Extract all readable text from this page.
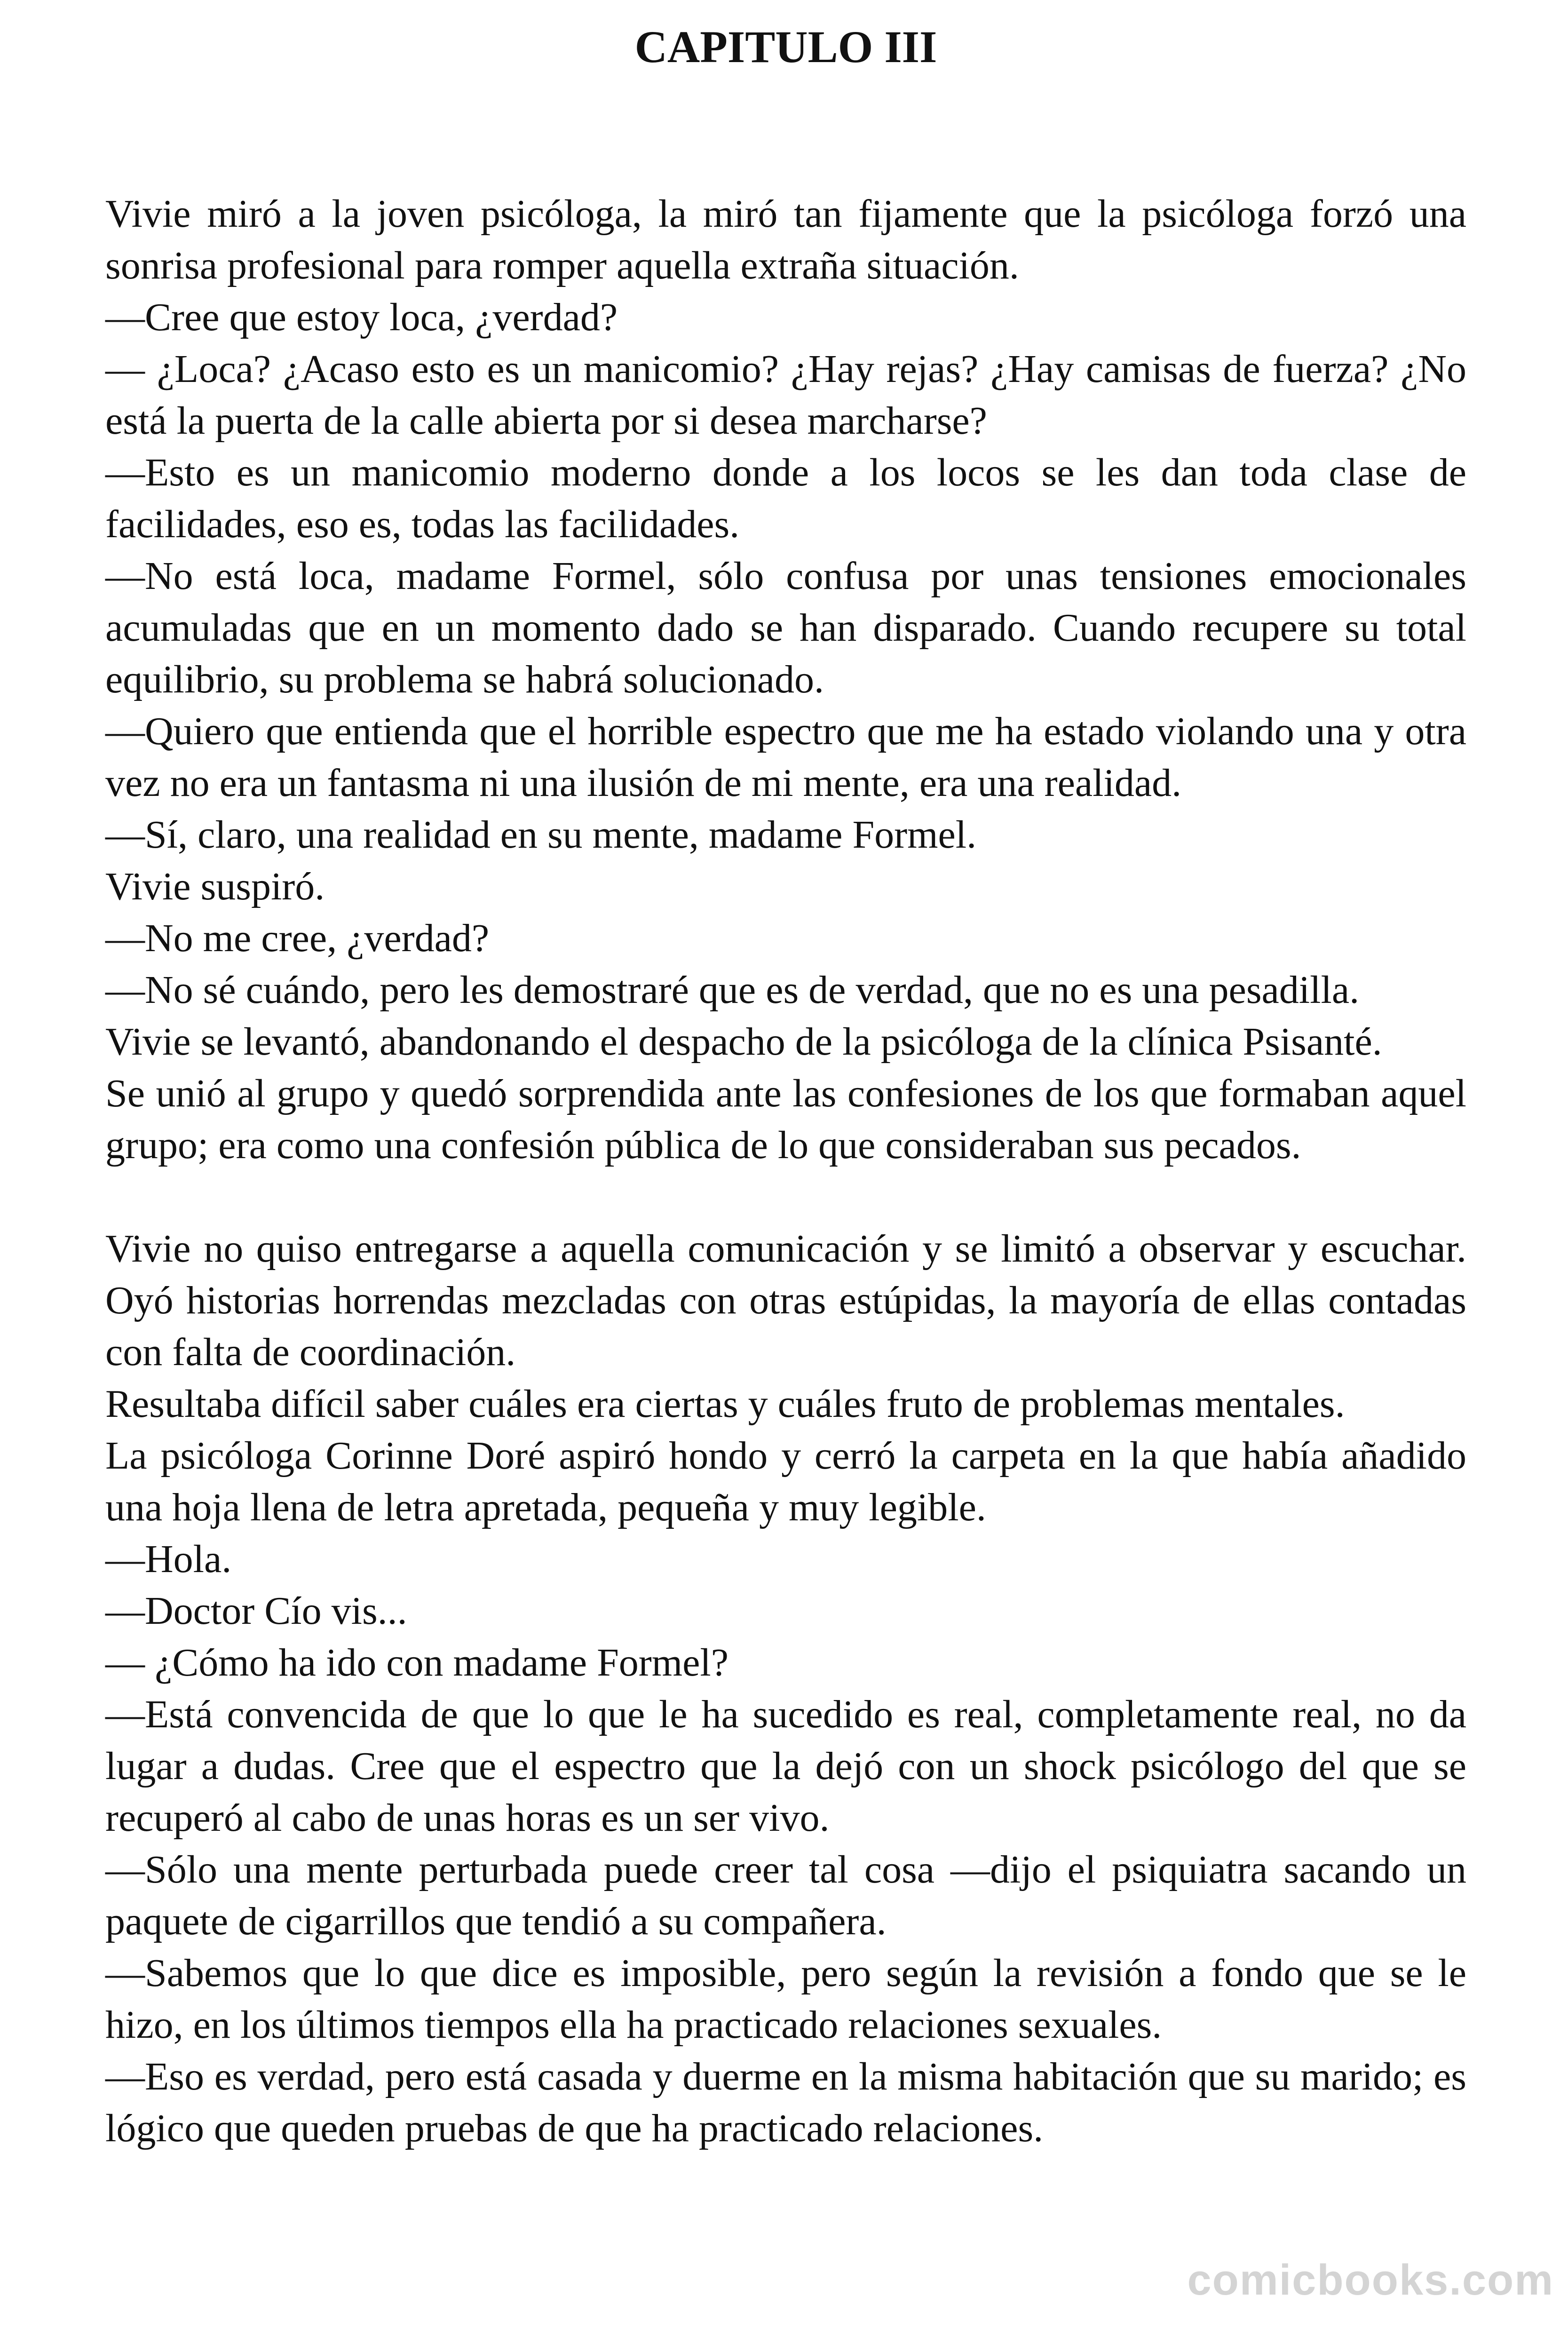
CAPITULO III

Vivie miró a la joven psicóloga, la miró tan fijamente que la psicóloga forzó una sonrisa profesional para romper aquella extraña situación.

—Cree que estoy loca, ¿verdad?

— ¿Loca? ¿Acaso esto es un manicomio? ¿Hay rejas? ¿Hay camisas de fuerza? ¿No está la puerta de la calle abierta por si desea marcharse?

—Esto es un manicomio moderno donde a los locos se les dan toda clase de facilidades, eso es, todas las facilidades.

—No está loca, madame Formel, sólo confusa por unas tensiones emocionales acumuladas que en un momento dado se han disparado. Cuando recupere su total equilibrio, su problema se habrá solucionado.

—Quiero que entienda que el horrible espectro que me ha estado violando una y otra vez no era un fantasma ni una ilusión de mi mente, era una realidad.

—Sí, claro, una realidad en su mente, madame Formel.

Vivie suspiró.

—No me cree, ¿verdad?

—No sé cuándo, pero les demostraré que es de verdad, que no es una pesadilla.

Vivie se levantó, abandonando el despacho de la psicóloga de la clínica Psisanté.

Se unió al grupo y quedó sorprendida ante las confesiones de los que formaban aquel grupo; era como una confesión pública de lo que consideraban sus pecados.

Vivie no quiso entregarse a aquella comunicación y se limitó a observar y escuchar. Oyó historias horrendas mezcladas con otras estúpidas, la mayoría de ellas contadas con falta de coordinación.

Resultaba difícil saber cuáles era ciertas y cuáles fruto de problemas mentales.

La psicóloga Corinne Doré aspiró hondo y cerró la carpeta en la que había añadido una hoja llena de letra apretada, pequeña y muy legible.

—Hola.

—Doctor Cío vis...

— ¿Cómo ha ido con madame Formel?

—Está convencida de que lo que le ha sucedido es real, completamente real, no da lugar a dudas. Cree que el espectro que la dejó con un shock psicólogo del que se recuperó al cabo de unas horas es un ser vivo.

—Sólo una mente perturbada puede creer tal cosa —dijo el psiquiatra sacando un paquete de cigarrillos que tendió a su compañera.

—Sabemos que lo que dice es imposible, pero según la revisión a fondo que se le hizo, en los últimos tiempos ella ha practicado relaciones sexuales.

—Eso es verdad, pero está casada y duerme en la misma habitación que su marido; es lógico que queden pruebas de que ha practicado relaciones.

comicbooks.com
